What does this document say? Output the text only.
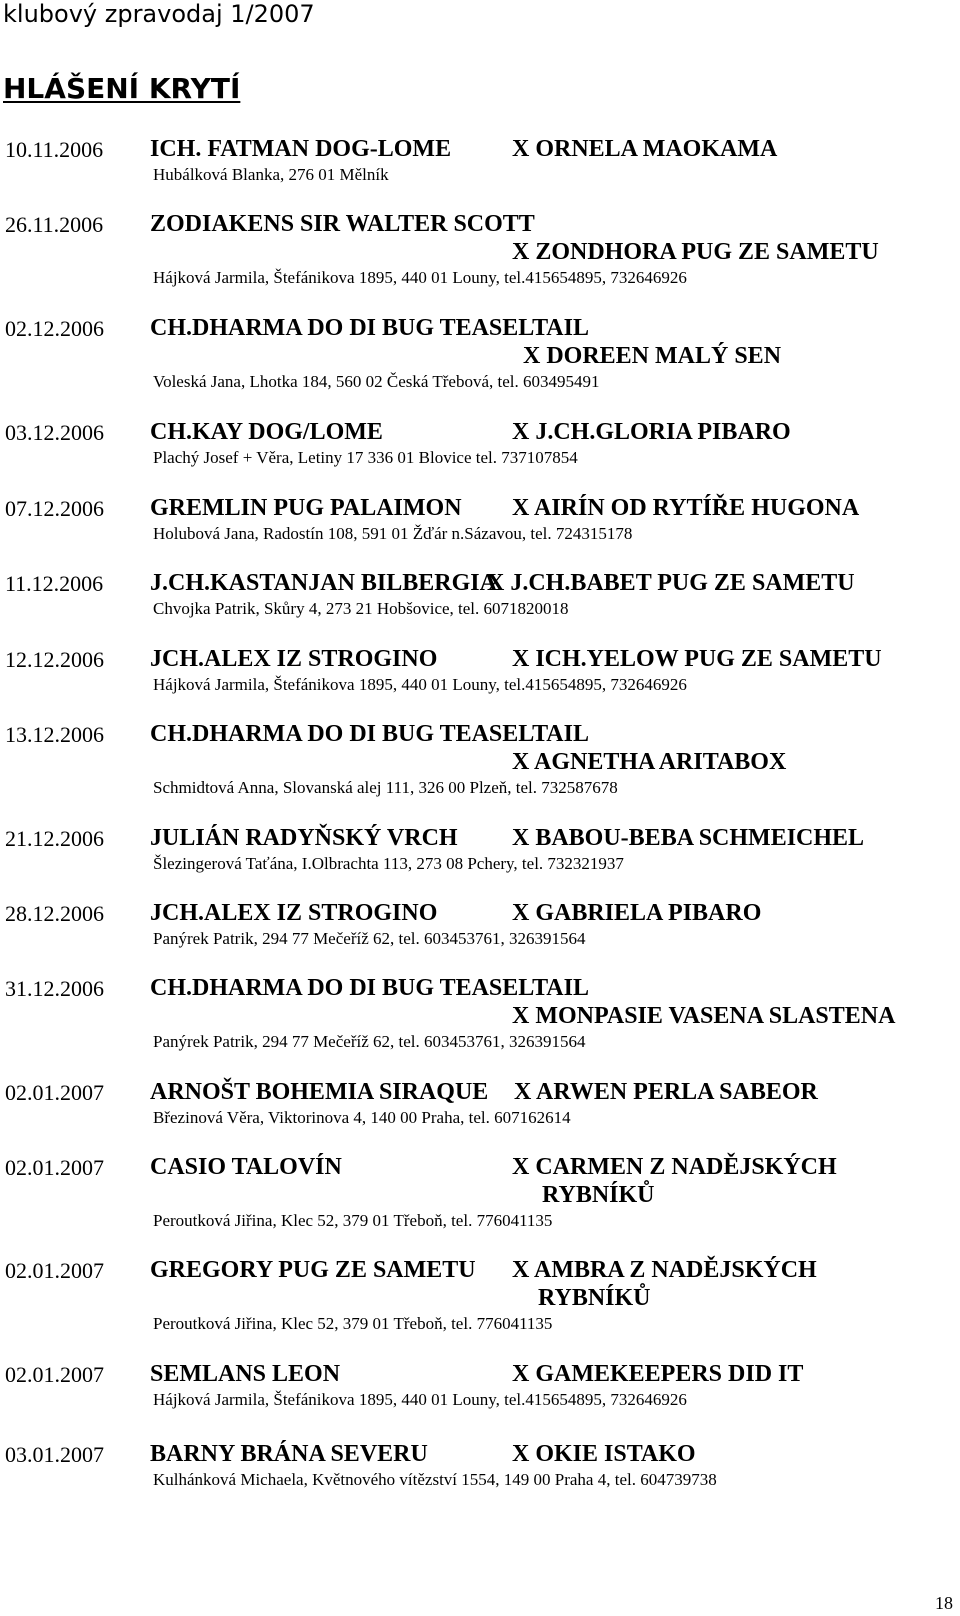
klubový zpravodaj 1/2007
HLÁŠENÍ KRYTÍ
10.11.2006 ICH. FATMAN DOG-LOME	X ORNELA MAOKAMA
Hubálková Blanka, 276 01 Mělník
26.11.2006 ZODIAKENS SIR WALTER SCOTT
X ZONDHORA PUG ZE SAMETU
Hájková Jarmila, Štefánikova 1895, 440 01 Louny, tel.415654895, 732646926
02.12.2006 CH.DHARMA DO DI BUG TEASELTAIL
X DOREEN MALÝ SEN
Voleská Jana, Lhotka 184, 560 02 Česká Třebová, tel. 603495491
03.12.2006 CH.KAY DOG/LOME	X J.CH.GLORIA PIBARO
Plachý Josef + Věra, Letiny 17 336 01 Blovice tel. 737107854
07.12.2006 GREMLIN PUG PALAIMON X AIRÍN OD RYTÍŘE HUGONA
Holubová Jana, Radostín 108, 591 01 Žďár n.Sázavou, tel. 724315178
11.12.2006 J.CH.KASTANJAN BILBERGIA
X J.CH.BABET PUG ZE SAMETU
Chvojka Patrik, Skůry 4, 273 21 Hobšovice, tel. 6071820018
12.12.2006 JCH.ALEX IZ STROGINO	X ICH.YELOW PUG ZE SAMETU
Hájková Jarmila, Štefánikova 1895, 440 01 Louny, tel.415654895, 732646926
13.12.2006 CH.DHARMA DO DI BUG TEASELTAIL
X AGNETHA ARITABOX
Schmidtová Anna, Slovanská alej 111, 326 00 Plzeň, tel. 732587678
21.12.2006 JULIÁN RADYŇSKÝ VRCH X BABOU-BEBA SCHMEICHEL
Šlezingerová Taťána, I.Olbrachta 113, 273 08 Pchery, tel. 732321937
28.12.2006 JCH.ALEX IZ STROGINO	X GABRIELA PIBARO
Panýrek Patrik, 294 77 Mečeříž 62, tel. 603453761, 326391564
31.12.2006 CH.DHARMA DO DI BUG TEASELTAIL
X MONPASIE VASENA SLASTENA
Panýrek Patrik, 294 77 Mečeříž 62, tel. 603453761, 326391564
02.01.2007 ARNOŠT BOHEMIA SIRAQUE X ARWEN PERLA SABEOR
Březinová Věra, Viktorinova 4, 140 00 Praha, tel. 607162614
02.01.2007 CASIO TALOVÍN	X CARMEN Z NADĚJSKÝCH
RYBNÍKŮ
Peroutková Jiřina, Klec 52, 379 01 Třeboň, tel. 776041135
02.01.2007 GREGORY PUG ZE SAMETU X AMBRA Z NADĚJSKÝCH
RYBNÍKŮ
Peroutková Jiřina, Klec 52, 379 01 Třeboň, tel. 776041135
02.01.2007 SEMLANS LEON	X GAMEKEEPERS DID IT
Hájková Jarmila, Štefánikova 1895, 440 01 Louny, tel.415654895, 732646926
03.01.2007 BARNY BRÁNA SEVERU	X OKIE ISTAKO
Kulhánková Michaela, Květnového vítězství 1554, 149 00 Praha 4, tel. 604739738
18
